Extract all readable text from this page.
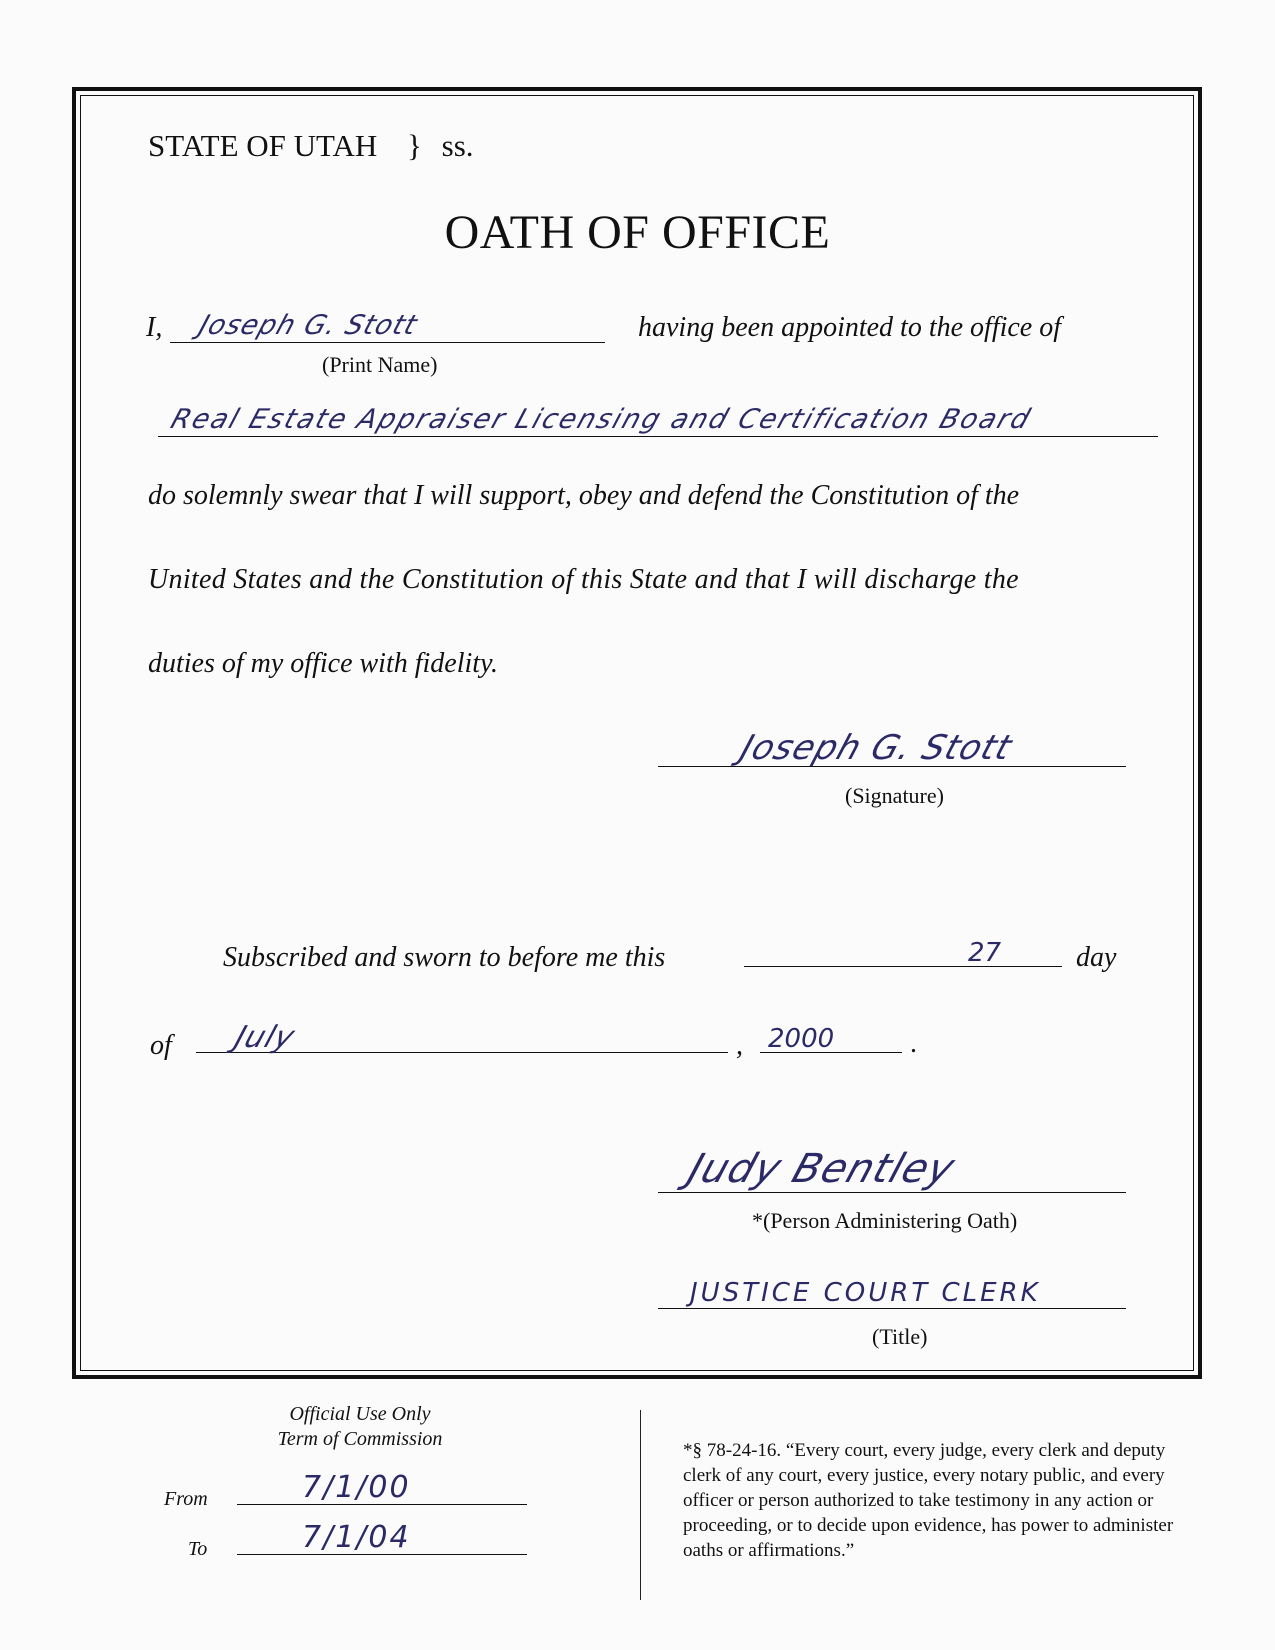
STATE OF UTAH } ss.
OATH OF OFFICE
I, Joseph G. Stott
(Print Name)
having been appointed to the office of
Real Estate Appraiser Licensing and Certification Board
do solemnly swear that I will support, obey and defend the Constitution of the
United States and the Constitution of this State and that I will discharge the
duties of my office with fidelity.
Joseph G. Stott
(Signature)
Subscribed and sworn to before me this	27	day
of July	, 2000	.
Judy Bentley
*(Person Administering Oath)
JUSTICE COURT CLERK
(Title)
Official Use Only
Term of Commission
From	7/1/00
To	7/1/04
*§ 78-24-16. “Every court, every judge, every clerk and deputy clerk of any court, every justice, every notary public, and every officer or person authorized to take testimony in any action or proceeding, or to decide upon evidence, has power to administer oaths or affirmations.”
